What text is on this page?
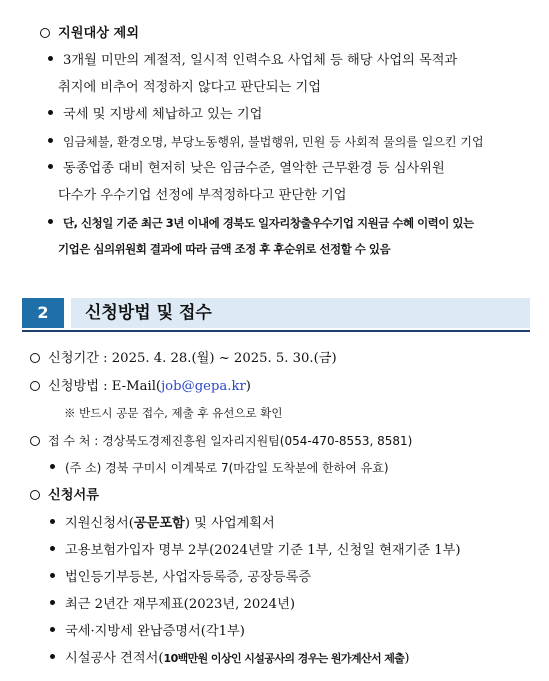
지원대상 제외
3개월 미만의 계절적, 일시적 인력수요 사업체 등 해당 사업의 목적과
취지에 비추어 적정하지 않다고 판단되는 기업
국세 및 지방세 체납하고 있는 기업
임금체불, 환경오명, 부당노동행위, 불법행위, 민원 등 사회적 물의를 일으킨 기업
동종업종 대비 현저히 낮은 임금수준, 열악한 근무환경 등 심사위원
다수가 우수기업 선정에 부적정하다고 판단한 기업
단, 신청일 기준 최근 3년 이내에 경북도 일자리창출우수기업 지원금 수혜 이력이 있는
기업은 심의위원회 결과에 따라 금액 조정 후 후순위로 선정할 수 있음
2	신청방법 및 접수
신청기간 : 2025. 4. 28.(월) ~ 2025. 5. 30.(금)
신청방법 : E-Mail(job@gepa.kr)
※ 반드시 공문 접수, 제출 후 유선으로 확인
접 수 처 : 경상북도경제진흥원 일자리지원팀(054-470-8553, 8581)
(주 소) 경북 구미시 이계북로 7(마감일 도착분에 한하여 유효)
신청서류
지원신청서(공문포함) 및 사업계획서
고용보험가입자 명부 2부(2024년말 기준 1부, 신청일 현재기준 1부)
법인등기부등본, 사업자등록증, 공장등록증
최근 2년간 재무제표(2023년, 2024년)
국세·지방세 완납증명서(각1부)
시설공사 견적서(10백만원 이상인 시설공사의 경우는 원가계산서 제출)
